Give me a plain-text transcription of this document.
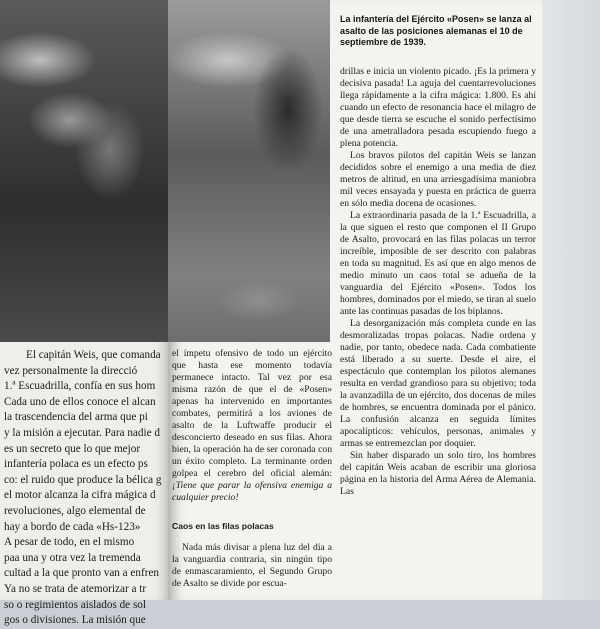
El capitán Weis, que comanda
vez personalmente la direcció
1.ª Escuadrilla, confía en sus hom
Cada uno de ellos conoce el alcan
la trascendencia del arma que pi
y la misión a ejecutar. Para nadie d
es un secreto que lo que mejor
infantería polaca es un efecto ps
co: el ruido que produce la bélica g
el motor alcanza la cifra mágica d
revoluciones, algo elemental de
hay a bordo de cada «Hs-123»
A pesar de todo, en el mismo
paa una y otra vez la tremenda
cultad a la que pronto van a enfren
Ya no se trata de atemorizar a tr
so o regimientos aislados de sol
gos o divisiones. La misión que
La infantería del Ejército «Posen» se lanza al asalto de las posiciones alemanas el 10 de septiembre de 1939.

drillas e inicia un violento picado. ¡Es la primera y decisiva pasada! La aguja del cuentarrevoluciones llega rápidamente a la cifra mágica: 1.800. Es ahí cuando un efecto de resonancia hace el milagro de que desde tierra se escuche el sonido perfectísimo de una ametralladora pesada escupiendo fuego a plena potencia.

Los bravos pilotos del capitán Weis se lanzan decididos sobre el enemigo a una media de diez metros de altitud, en una arriesgadísima maniobra mil veces ensayada y puesta en práctica de guerra en sólo media docena de ocasiones.

La extraordinaria pasada de la 1.ª Escuadrilla, a la que siguen el resto que componen el II Grupo de Asalto, provocará en las filas polacas un terror increíble, imposible de ser descrito con palabras en toda su magnitud. Es así que en algo menos de medio minuto un caos total se adueña de la vanguardia del Ejército «Posen». Todos los hombres, dominados por el miedo, se tiran al suelo ante las continuas pasadas de los biplanos.

La desorganización más completa cunde en las desmoralizadas tropas polacas. Nadie ordena y nadie, por tanto, obedece nada. Cada combatiente está liberado a su suerte. Desde el aire, el espectáculo que contemplan los pilotos alemanes resulta en verdad grandioso para su objetivo; toda la avanzadilla de un ejército, dos docenas de miles de hombres, se encuentra dominada por el pánico. La confusión alcanza en seguida límites apocalípticos: vehículos, personas, animales y armas se entremezclan por doquier.

Sin haber disparado un solo tiro, los hombres del capitán Weis acaban de escribir una gloriosa página en la historia del Arma Aérea de Alemania. Las

el ímpetu ofensivo de todo un ejército que hasta ese momento todavía permanece intacto. Tal vez por esa misma razón de que el de «Posen» apenas ha intervenido en importantes combates, permitirá a los aviones de asalto de la Luftwaffe producir el desconcierto deseado en sus filas. Ahora bien, la operación ha de ser coronada con un éxito completo. La terminante orden golpea el cerebro del oficial alemán: ¡Tiene que parar la ofensiva enemiga a cualquier precio!

Caos en las filas polacas

Nada más divisar a plena luz del día a la vanguardia contraria, sin ningún tipo de enmascaramiento, el Segundo Grupo de Asalto se divide por escua-
